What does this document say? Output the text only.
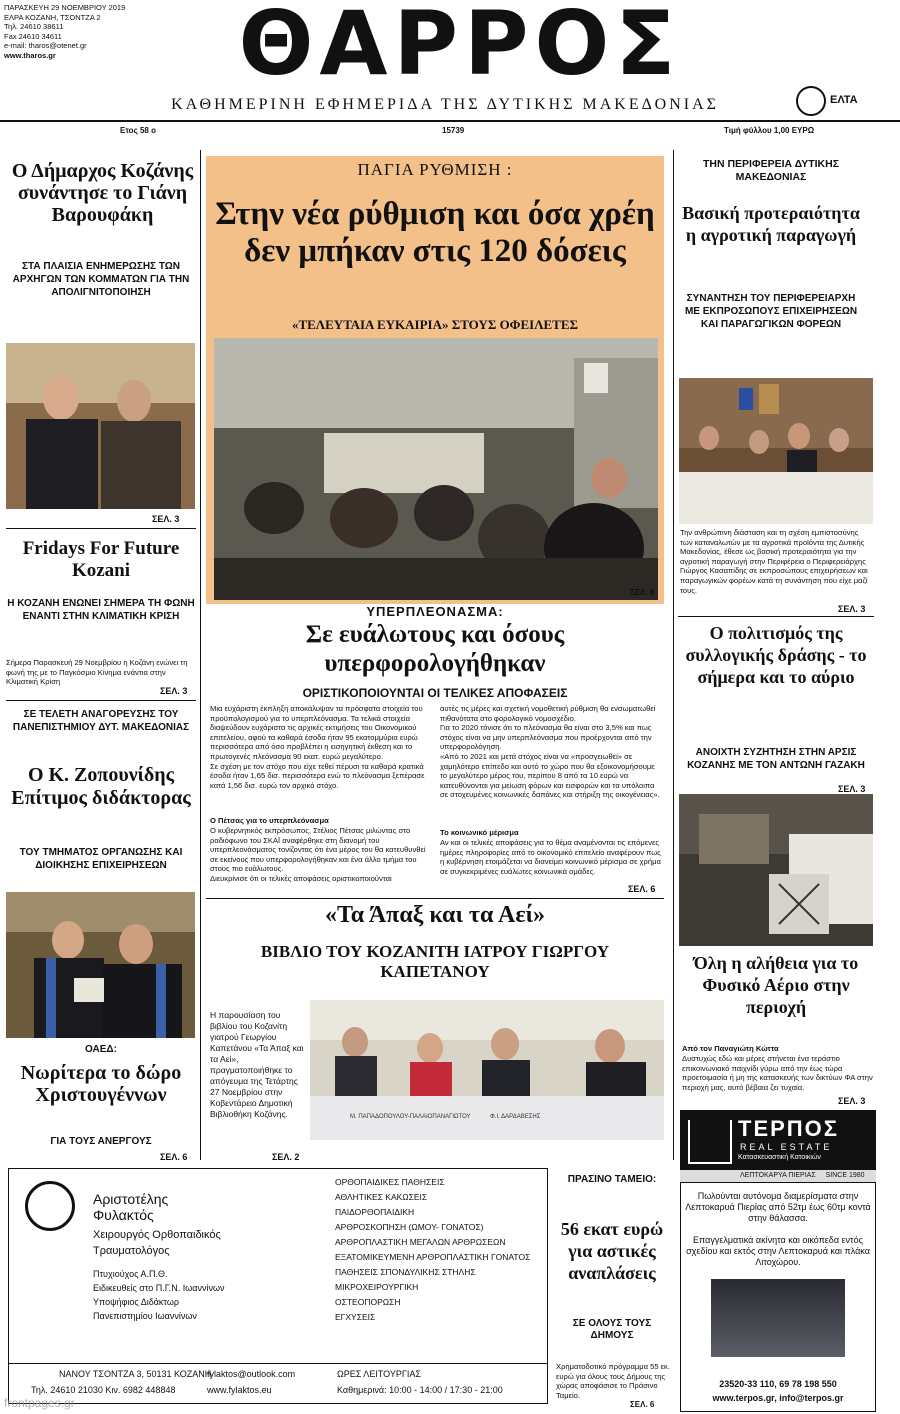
ΠΑΡΑΣΚΕΥΗ 29 ΝΟΕΜΒΡΙΟΥ 2019
ΕΛΡΑ ΚΟΖΑΝΗ, ΤΣΟΝΤΖΑ 2
Τηλ. 24610 38611
Fax 24610 34611
e-mail: tharos@otenet.gr
www.tharos.gr	ΘΑΡΡΟΣ
ΚΑΘΗΜΕΡΙΝΗ ΕΦΗΜΕΡΙΔΑ ΤΗΣ ΔΥΤΙΚΗΣ ΜΑΚΕΔΟΝΙΑΣ	ΕΛΤΑ
Ετος 58 ο	15739	Τιμή φύλλου 1,00 ΕΥΡΩ
Ο Δήμαρχος Κοζάνης συνάντησε το Γιάνη Βαρουφάκη
ΣΤΑ ΠΛΑΙΣΙΑ ΕΝΗΜΕΡΩΣΗΣ ΤΩΝ ΑΡΧΗΓΩΝ ΤΩΝ ΚΟΜΜΑΤΩΝ ΓΙΑ ΤΗΝ ΑΠΟΛΙΓΝΙΤΟΠΟΙΗΣΗ
ΣΕΛ. 3
Fridays For Future Kozani
Η ΚΟΖΑΝΗ ΕΝΩΝΕΙ ΣΗΜΕΡΑ ΤΗ ΦΩΝΗ ΕΝΑΝΤΙ ΣΤΗΝ ΚΛΙΜΑΤΙΚΗ ΚΡΙΣΗ
Σήμερα Παρασκευή 29 Νοεμβρίου η Κοζάνη ενώνει τη φωνή της με το Παγκόσμιο Κίνημα ενάντια στην Κλιματική Κρίση
ΣΕΛ. 3
ΣΕ ΤΕΛΕΤΗ ΑΝΑΓΟΡΕΥΣΗΣ ΤΟΥ ΠΑΝΕΠΙΣΤΗΜΙΟΥ ΔΥΤ. ΜΑΚΕΔΟΝΙΑΣ
Ο Κ. Ζοπουνίδης Επίτιμος διδάκτορας
ΤΟΥ ΤΜΗΜΑΤΟΣ ΟΡΓΑΝΩΣΗΣ ΚΑΙ ΔΙΟΙΚΗΣΗΣ ΕΠΙΧΕΙΡΗΣΕΩΝ
ΟΑΕΔ:
Νωρίτερα το δώρο Χριστουγέννων
ΓΙΑ ΤΟΥΣ ΑΝΕΡΓΟΥΣ
ΣΕΛ. 6
ΠΑΓΙΑ ΡΥΘΜΙΣΗ :
Στην νέα ρύθμιση και όσα χρέη δεν μπήκαν στις 120 δόσεις
«ΤΕΛΕΥΤΑΙΑ ΕΥΚΑΙΡΙΑ» ΣΤΟΥΣ ΟΦΕΙΛΕΤΕΣ
ΣΕΛ. 6
ΥΠΕΡΠΛΕΟΝΑΣΜΑ:
Σε ευάλωτους και όσους υπερφορολογήθηκαν
ΟΡΙΣΤΙΚΟΠΟΙΟΥΝΤΑΙ ΟΙ ΤΕΛΙΚΕΣ ΑΠΟΦΑΣΕΙΣ
Μια ευχάριστη έκπληξη αποκάλυψαν τα πρόσφατα στοιχεία του προϋπολογισμού για το υπερπλεόνασμα. Τα τελικά στοιχεία διαψεύδουν ευχάριστα τις αρχικές εκτιμήσεις του Οικονομικού επιτελείου, αφού τα καθαρά έσοδα ήταν 95 εκατομμύρια ευρώ περισσότερα από όσο προβλέπει η εισηγητική έκθεση και το πρωτογενές πλεόνασμα 90 εκατ. ευρώ μεγαλύτερο.
Σε σχέση με τον στόχο που είχε τεθεί πέρυσι τα καθαρά κρατικά έσοδα ήταν 1,65 δισ. περισσότερα ενώ το πλεόνασμα ξεπέρασε κατά 1,56 δισ. ευρώ τον αρχικό στόχο.
Ο Πέτσας για το υπερπλεόνασμα
Ο κυβερνητικός εκπρόσωπος, Στέλιος Πέτσας μιλώντας στο ραδιόφωνο του ΣΚΑΪ αναφέρθηκε στη διανομή του υπερπλεονάσματος τονίζοντας ότι ένα μέρος του θα κατευθυνθεί σε εκείνους που υπερφορολογήθηκαν και ένα άλλο τμήμα του στους πιο ευάλωτους.
Διευκρίνισε ότι οι τελικές αποφάσεις οριστικοποιούνται
αυτές τις μέρες και σχετική νομοθετική ρύθμιση θα ενσωματωθεί πιθανότατα στο φορολογικό νομοσχέδιο.
Για το 2020 τόνισε ότι το πλεόνασμα θα είναι στο 3,5% και πως στόχος είναι να μην υπερπλεόνασμα που προέρχονται από την υπερφορολόγηση.
«Από το 2021 και μετά στόχος είναι να «προσγειωθεί» σε χαμηλότερο επίπεδο και αυτό το χώρο που θα εξοικονομήσουμε το μεγαλύτερο μέρος του, περίπου 8 από τα 10 ευρώ να κατευθύνονται για μείωση φόρων και εισφορών και τα υπόλοιπα σε στοχευμένες κοινωνικές δαπάνες και στήριξη της οικογένειας».
Το κοινωνικό μέρισμα
Αν και οι τελικές αποφάσεις για το θέμα αναμένονται τις επόμενες ημέρες πληροφορίες από το οικονομικό επιτελείο αναφέρουν πως η κυβέρνηση ετοιμάζεται να διανείμει κοινωνικό μέρισμα σε χρήμα σε συγκεκριμένες ευάλωτες κοινωνικά ομάδες.
ΣΕΛ. 6
«Τα Άπαξ και τα Αεί»
ΒΙΒΛΙΟ ΤΟΥ ΚΟΖΑΝΙΤΗ ΙΑΤΡΟΥ ΓΙΩΡΓΟΥ ΚΑΠΕΤΑΝΟΥ
Η παρουσίαση του βιβλίου του Κοζανίτη γιατρού Γεωργίου Καπετάνου «Τα Άπαξ και τα Αεί», πραγματοποιήθηκε το απόγευμα της Τετάρτης 27 Νοεμβρίου στην Κοβεντάρειο Δημοτική Βιβλιοθήκη Κοζάνης.	Μ. ΠΑΠΑΔΟΠΟΥΛΟΥ-ΠΑΛΑΙΟΠΑΝΑΓΙΩΤΟΥ	Φ.Ι. ΔΑΡΔΑΒΕΣΗΣ
ΣΕΛ. 2
ΤΗΝ ΠΕΡΙΦΕΡΕΙΑ ΔΥΤΙΚΗΣ ΜΑΚΕΔΟΝΙΑΣ
Βασική προτεραιότητα η αγροτική παραγωγή
ΣΥΝΑΝΤΗΣΗ ΤΟΥ ΠΕΡΙΦΕΡΕΙΑΡΧΗ ΜΕ ΕΚΠΡΟΣΩΠΟΥΣ ΕΠΙΧΕΙΡΗΣΕΩΝ ΚΑΙ ΠΑΡΑΓΩΓΙΚΩΝ ΦΟΡΕΩΝ
Την ανθρώπινη διάσταση και τη σχέση εμπιστοσύνης των καταναλωτών με τα αγροτικά προϊόντα της Δυτικής Μακεδονίας, έθεσε ως βασική προτεραιότητα για την αγροτική παραγωγή στην Περιφέρεια ο Περιφερειάρχης Γιώργος Κασαπίδης σε εκπροσώπους επιχειρήσεων και παραγωγικών φορέων κατά τη συνάντηση που είχε μαζί τους.
ΣΕΛ. 3
Ο πολιτισμός της συλλογικής δράσης - το σήμερα και το αύριο
ΑΝΟΙΧΤΗ ΣΥΖΗΤΗΣΗ ΣΤΗΝ ΑΡΣΙΣ ΚΟΖΑΝΗΣ ΜΕ ΤΟΝ ΑΝΤΩΝΗ ΓΑΖΑΚΗ
ΣΕΛ. 3
Όλη η αλήθεια για το Φυσικό Αέριο στην περιοχή
Από τον Παναγιώτη Κώττα
Δυστυχώς εδώ και μέρες στήνεται ένα τεράστιο επικοινωνιακό παιχνίδι γύρω από την έως τώρα προετοιμασία ή μη της κατασκευής των δικτύων ΦΑ στην περιοχή μας, αυτό βέβαια ζει τυχαία.
ΣΕΛ. 3
ΤΕΡΠΟΣ
REAL ESTATE
Κατασκευαστική Κατοικιών
ΛΕΠΤΟΚΑΡΥΑ ΠΙΕΡΙΑΣ SINCE 1980
Πωλούνται αυτόνομα διαμερίσματα στην Λεπτοκαρυά Πιερίας από 52τμ έως 60τμ κοντά στην θάλασσα.
Επαγγελματικά ακίνητα και οικόπεδα εντός σχεδίου και εκτός στην Λεπτοκαρυά και πλάκα Λιτοχώρου.
23520-33 110, 69 78 198 550
www.terpos.gr, info@terpos.gr
Αριστοτέλης
Φυλακτός
Χειρουργός Ορθοπαιδικός
Τραυματολόγος
Πτυχιούχος Α.Π.Θ.
Ειδικευθείς στο Π.Γ.Ν. Ιωαννίνων
Υποψήφιος Διδάκτωρ
Πανεπιστημίου Ιωαννίνων
ΟΡΘΟΠΑΙΔΙΚΕΣ ΠΑΘΗΣΕΙΣ
ΑΘΛΗΤΙΚΕΣ ΚΑΚΩΣΕΙΣ
ΠΑΙΔΟΡΘΟΠΑΙΔΙΚΗ
ΑΡΘΡΟΣΚΟΠΗΣΗ (ΩΜΟΥ- ΓΟΝΑΤΟΣ)
ΑΡΘΡΟΠΛΑΣΤΙΚΗ ΜΕΓΑΛΩΝ ΑΡΘΡΩΣΕΩΝ
ΕΞΑΤΟΜΙΚΕΥΜΕΝΗ ΑΡΘΡΟΠΛΑΣΤΙΚΗ ΓΟΝΑΤΟΣ
ΠΑΘΗΣΕΙΣ ΣΠΟΝΔΥΛΙΚΗΣ ΣΤΗΛΗΣ
ΜΙΚΡΟΧΕΙΡΟΥΡΓΙΚΗ
ΟΣΤΕΟΠΟΡΩΣΗ
ΕΓΧΥΣΕΙΣ
ΝΑΝΟΥ ΤΣΟΝΤΖΑ 3, 50131 ΚΟΖΑΝΗ
Τηλ. 24610 21030 Κιν. 6982 448848
fylaktos@outlook.com
www.fylaktos.eu
ΩΡΕΣ ΛΕΙΤΟΥΡΓΙΑΣ
Καθημερινά: 10:00 - 14:00 / 17:30 - 21:00
ΠΡΑΣΙΝΟ ΤΑΜΕΙΟ:
56 εκατ ευρώ για αστικές αναπλάσεις
ΣΕ ΟΛΟΥΣ ΤΟΥΣ ΔΗΜΟΥΣ
Χρηματοδοτικό πρόγραμμα 55 εκ. ευρώ για όλους τους Δήμους της χώρας αποφάσισε το Πράσινο Ταμείο.
ΣΕΛ. 6
frontpages.gr
